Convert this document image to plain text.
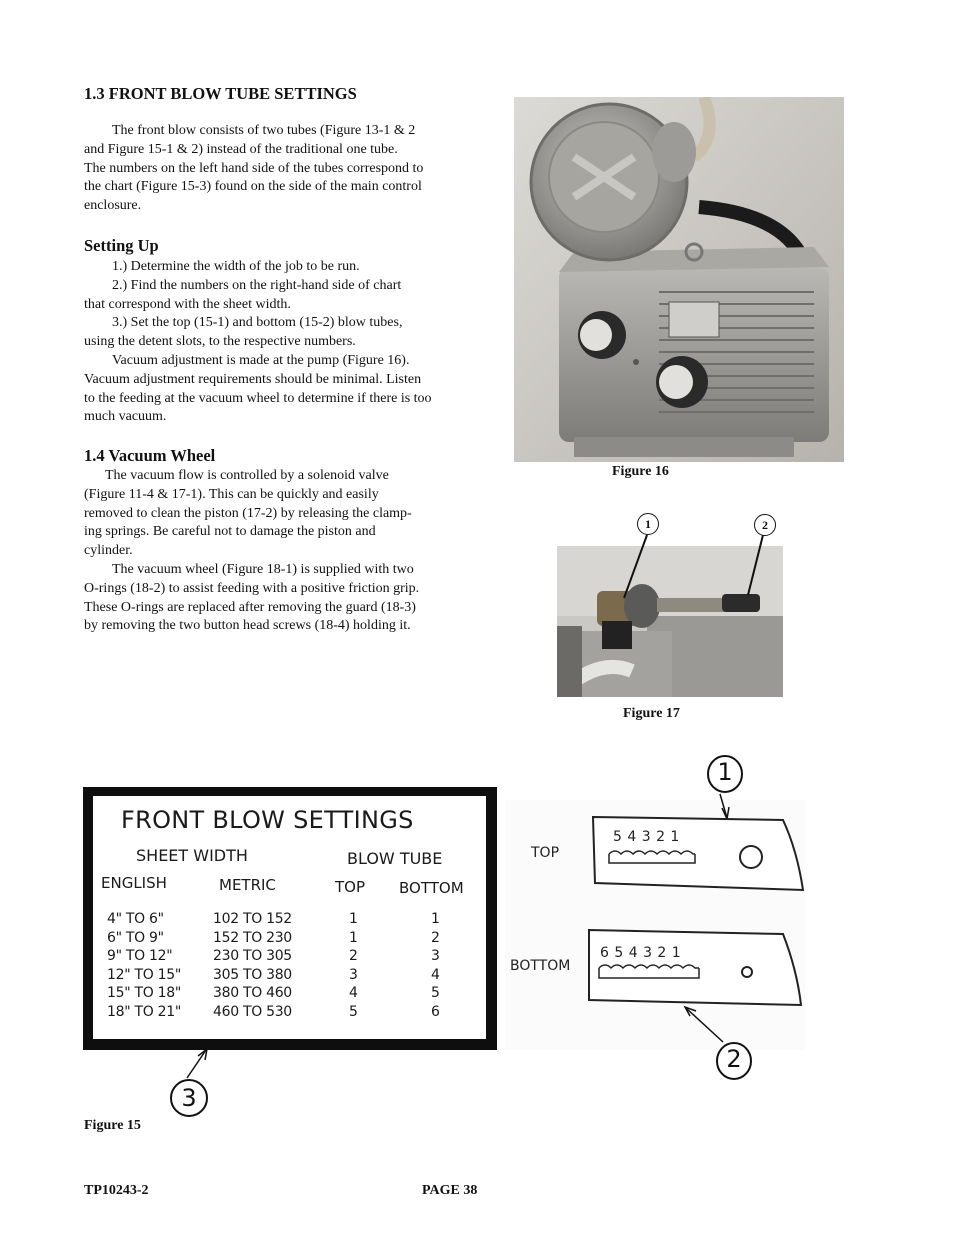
1.3 FRONT BLOW TUBE SETTINGS

The front blow consists of two tubes (Figure 13-1 & 2

and Figure 15-1 & 2) instead of the traditional one tube.

The numbers on the left hand side of the tubes correspond to

the chart (Figure 15-3) found on the side of the main control

enclosure.

Setting Up

1.) Determine the width of the job to be run.

2.) Find the numbers on the right-hand side of chart

that correspond with the sheet width.

3.) Set the top (15-1) and bottom (15-2) blow tubes,

using the detent slots, to the respective numbers.

Vacuum adjustment is made at the pump (Figure 16).

Vacuum adjustment requirements should be minimal. Listen

to the feeding at the vacuum wheel to determine if there is too

much vacuum.

1.4 Vacuum Wheel

The vacuum flow is controlled by a solenoid valve

(Figure 11-4 & 17-1). This can be quickly and easily

removed to clean the piston (17-2) by releasing the clamp-

ing springs. Be careful not to damage the piston and

cylinder.

The vacuum wheel (Figure 18-1) is supplied with two

O-rings (18-2) to assist feeding with a positive friction grip.

These O-rings are replaced after removing the guard (18-3)

by removing the two button head screws (18-4) holding it.

Figure 16
1	2
Figure 17
FRONT BLOW SETTINGS
SHEET WIDTH	BLOW TUBE
ENGLISH	METRIC	TOP BOTTOM
4" TO 6"	102 TO 152	1	1
6" TO 9"	152 TO 230	1	2
9" TO 12"	230 TO 305	2	3
12" TO 15"	305 TO 380	3	4
15" TO 18"	380 TO 460	4	5
18" TO 21"	460 TO 530	5	6
1
2
TOP
BOTTOM
5 4 3 2 1
6 5 4 3 2 1
3
Figure 15
TP10243-2	PAGE 38
